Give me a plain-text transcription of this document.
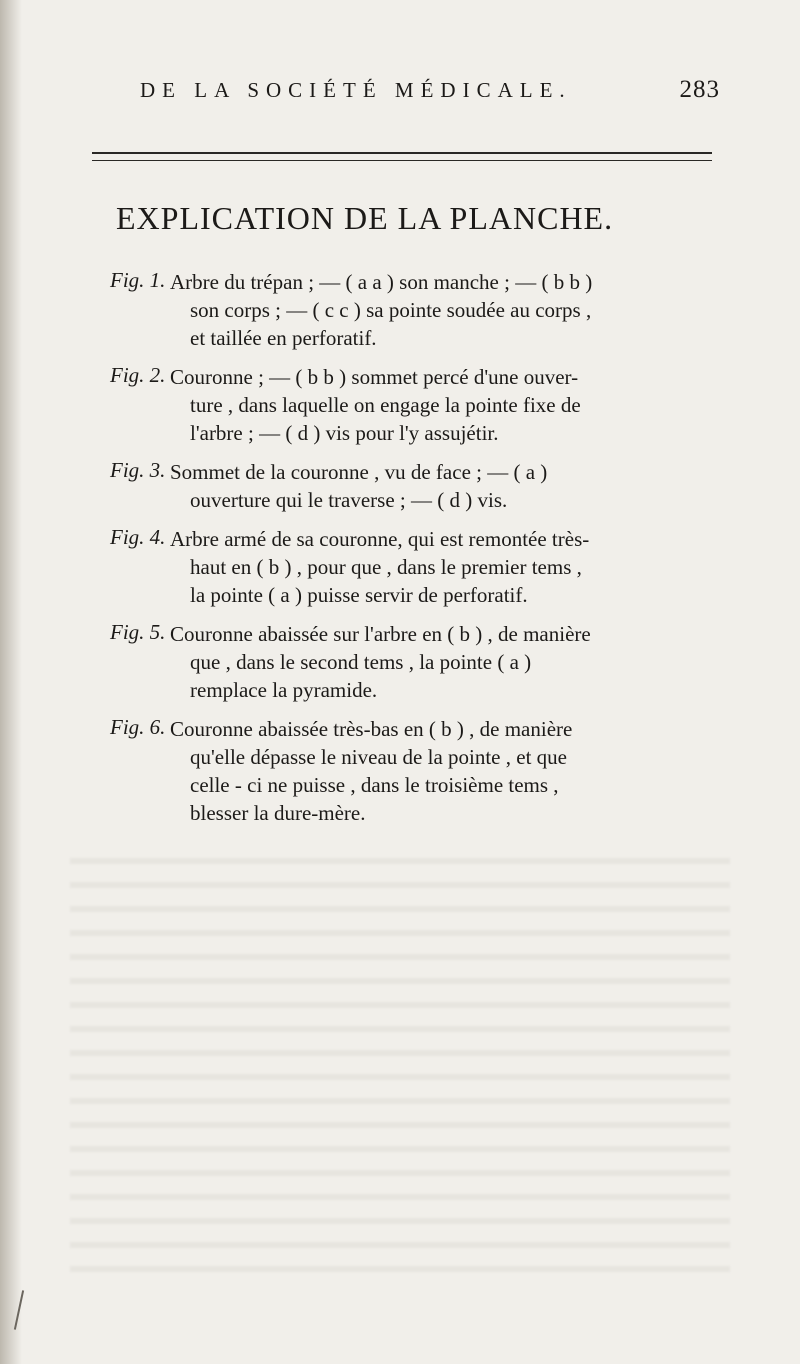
DE LA SOCIÉTÉ MÉDICALE.	283
EXPLICATION DE LA PLANCHE.
Fig. 1. Arbre du trépan ; — ( a a ) son manche ; — ( b b )
son corps ; — ( c c ) sa pointe soudée au corps ,
et taillée en perforatif.
Fig. 2. Couronne ; — ( b b ) sommet percé d'une ouver-
ture , dans laquelle on engage la pointe fixe de
l'arbre ; — ( d ) vis pour l'y assujétir.
Fig. 3. Sommet de la couronne , vu de face ; — ( a )
ouverture qui le traverse ; — ( d ) vis.
Fig. 4. Arbre armé de sa couronne, qui est remontée très-
haut en ( b ) , pour que , dans le premier tems ,
la pointe ( a ) puisse servir de perforatif.
Fig. 5. Couronne abaissée sur l'arbre en ( b ) , de manière
que , dans le second tems , la pointe ( a )
remplace la pyramide.
Fig. 6. Couronne abaissée très-bas en ( b ) , de manière
qu'elle dépasse le niveau de la pointe , et que
celle - ci ne puisse , dans le troisième tems ,
blesser la dure-mère.
